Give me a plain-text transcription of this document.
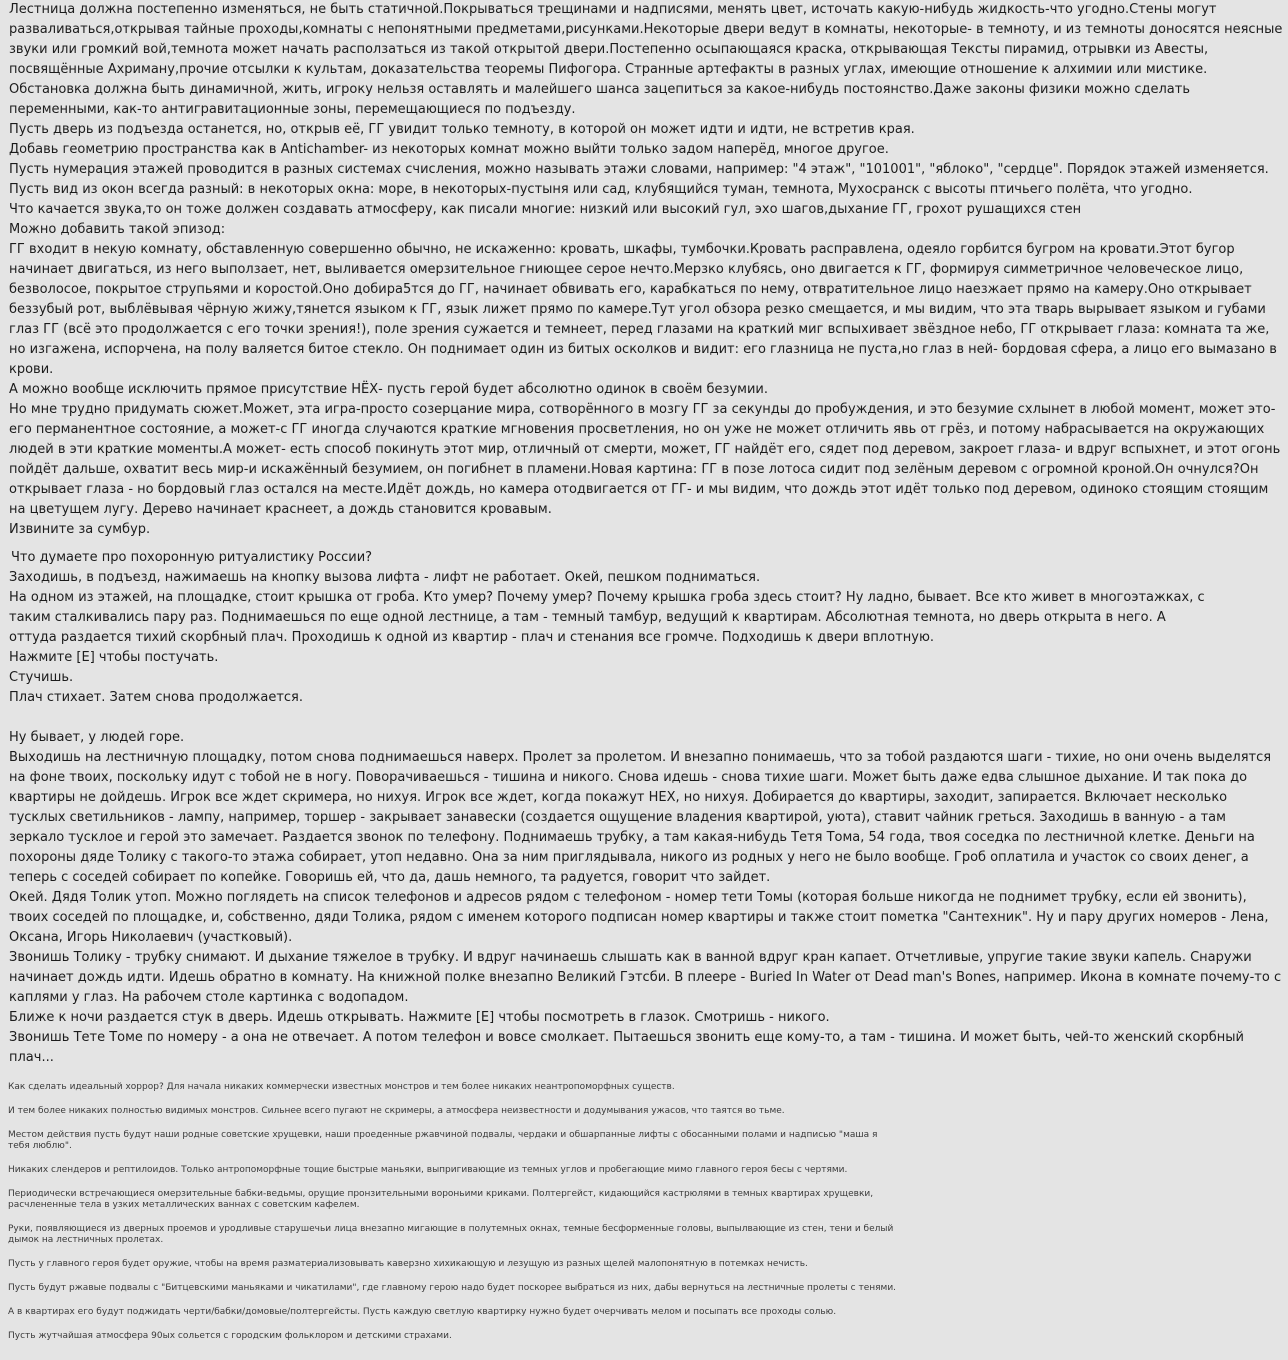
Лестница должна постепенно изменяться, не быть статичной.Покрываться трещинами и надписями, менять цвет, источать какую-нибудь жидкость-что угодно.Стены могут разваливаться,открывая тайные проходы,комнаты с непонятными предметами,рисунками.Некоторые двери ведут в комнаты, некоторые- в темноту, и из темноты доносятся неясные звуки или громкий вой,темнота может начать расползаться из такой открытой двери.Постепенно осыпающаяся краска, открывающая Тексты пирамид, отрывки из Авесты, посвящённые Ахриману,прочие отсылки к культам, доказательства теоремы Пифогора. Странные артефакты в разных углах, имеющие отношение к алхимии или мистике. Обстановка должна быть динамичной, жить, игроку нельзя оставлять и малейшего шанса зацепиться за какое-нибудь постоянство.Даже законы физики можно сделать переменными, как-то антигравитационные зоны, перемещающиеся по подъезду.

Пусть дверь из подъезда останется, но, открыв её, ГГ увидит только темноту, в которой он может идти и идти, не встретив края.

Добавь геометрию пространства как в Antichamber- из некоторых комнат можно выйти только задом наперёд, многое другое.

Пусть нумерация этажей проводится в разных системах счисления, можно называть этажи словами, например: "4 этаж", "101001", "яблоко", "сердце". Порядок этажей изменяется.

Пусть вид из окон всегда разный: в некоторых окна: море, в некоторых-пустыня или сад, клубящийся туман, темнота, Мухосранск с высоты птичьего полёта, что угодно.

Что качается звука,то он тоже должен создавать атмосферу, как писали многие: низкий или высокий гул, эхо шагов,дыхание ГГ, грохот рушащихся стен

Можно добавить такой эпизод:

ГГ входит в некую комнату, обставленную совершенно обычно, не искаженно: кровать, шкафы, тумбочки.Кровать расправлена, одеяло горбится бугром на кровати.Этот бугор начинает двигаться, из него выползает, нет, выливается омерзительное гниющее серое нечто.Мерзко клубясь, оно двигается к ГГ, формируя симметричное человеческое лицо, безволосое, покрытое струпьями и коростой.Оно добира5тся до ГГ, начинает обвивать его, карабкаться по нему, отвратительное лицо наезжает прямо на камеру.Оно открывает беззубый рот, выблёвывая чёрную жижу,тянется языком к ГГ, язык лижет прямо по камере.Тут угол обзора резко смещается, и мы видим, что эта тварь вырывает языком и губами глаз ГГ (всё это продолжается с его точки зрения!), поле зрения сужается и темнеет, перед глазами на краткий миг вспыхивает звёздное небо, ГГ открывает глаза: комната та же, но изгажена, испорчена, на полу валяется битое стекло. Он поднимает один из битых осколков и видит: его глазница не пуста,но глаз в ней- бордовая сфера, а лицо его вымазано в крови.

А можно вообще исключить прямое присутствие HЁХ- пусть герой будет абсолютно одинок в своём безумии.

Но мне трудно придумать сюжет.Может, эта игра-просто созерцание мира, сотворённого в мозгу ГГ за секунды до пробуждения, и это безумие схлынет в любой момент, может это-его перманентное состояние, а может-с ГГ иногда случаются краткие мгновения просветления, но он уже не может отличить явь от грёз, и потому набрасывается на окружающих людей в эти краткие моменты.А может- есть способ покинуть этот мир, отличный от смерти, может, ГГ найдёт его, сядет под деревом, закроет глаза- и вдруг вспыхнет, и этот огонь пойдёт дальше, охватит весь мир-и искажённый безумием, он погибнет в пламени.Новая картина: ГГ в позе лотоса сидит под зелёным деревом с огромной кроной.Он очнулся?Он открывает глаза - но бордовый глаз остался на месте.Идёт дождь, но камера отодвигается от ГГ- и мы видим, что дождь этот идёт только под деревом, одиноко стоящим стоящим на цветущем лугу. Дерево начинает краснеет, а дождь становится кровавым.

Извините за сумбур.

Что думаете про похоронную ритуалистику России?

Заходишь, в подъезд, нажимаешь на кнопку вызова лифта - лифт не работает. Окей, пешком подниматься.

На одном из этажей, на площадке, стоит крышка от гроба. Кто умер? Почему умер? Почему крышка гроба здесь стоит? Ну ладно, бывает. Все кто живет в многоэтажках, с

таким сталкивались пару раз. Поднимаешься по еще одной лестнице, а там - темный тамбур, ведущий к квартирам. Абсолютная темнота, но дверь открыта в него. А

оттуда раздается тихий скорбный плач. Проходишь к одной из квартир - плач и стенания все громче. Подходишь к двери вплотную.

Нажмите [E] чтобы постучать.

Стучишь.

Плач стихает. Затем снова продолжается.

Ну бывает, у людей горе.

Выходишь на лестничную площадку, потом снова поднимаешься наверх. Пролет за пролетом. И внезапно понимаешь, что за тобой раздаются шаги - тихие, но они очень выделятся на фоне твоих, поскольку идут с тобой не в ногу. Поворачиваешься - тишина и никого. Снова идешь - снова тихие шаги. Может быть даже едва слышное дыхание. И так пока до квартиры не дойдешь. Игрок все ждет скримера, но нихуя. Игрок все ждет, когда покажут HEX, но нихуя. Добирается до квартиры, заходит, запирается. Включает несколько тусклых светильников - лампу, например, торшер - закрывает занавески (создается ощущение владения квартирой, уюта), ставит чайник греться. Заходишь в ванную - а там зеркало тусклое и герой это замечает. Раздается звонок по телефону. Поднимаешь трубку, а там какая-нибудь Тетя Тома, 54 года, твоя соседка по лестничной клетке. Деньги на похороны дяде Толику с такого-то этажа собирает, утоп недавно. Она за ним приглядывала, никого из родных у него не было вообще. Гроб оплатила и участок со своих денег, а теперь с соседей собирает по копейке. Говоришь ей, что да, дашь немного, та радуется, говорит что зайдет.

Окей. Дядя Толик утоп. Можно поглядеть на список телефонов и адресов рядом с телефоном - номер тети Томы (которая больше никогда не поднимет трубку, если ей звонить), твоих соседей по площадке, и, собственно, дяди Толика, рядом с именем которого подписан номер квартиры и также стоит пометка "Сантехник". Ну и пару других номеров - Лена, Оксана, Игорь Николаевич (участковый).

Звонишь Толику - трубку снимают. И дыхание тяжелое в трубку. И вдруг начинаешь слышать как в ванной вдруг кран капает. Отчетливые, упругие такие звуки капель. Снаружи начинает дождь идти. Идешь обратно в комнату. На книжной полке внезапно Великий Гэтсби. В плеере - Buried In Water от Dead man's Bones, например. Икона в комнате почему-то с каплями у глаз. На рабочем столе картинка с водопадом.

Ближе к ночи раздается стук в дверь. Идешь открывать. Нажмите [E] чтобы посмотреть в глазок. Смотришь - никого.

Звонишь Тете Томе по номеру - а она не отвечает. А потом телефон и вовсе смолкает. Пытаешься звонить еще кому-то, а там - тишина. И может быть, чей-то женский скорбный плач...

Как сделать идеальный хоррор? Для начала никаких коммерчески известных монстров и тем более никаких неантропоморфных существ.

И тем более никаких полностью видимых монстров. Сильнее всего пугают не скримеры, а атмосфера неизвестности и додумывания ужасов, что таятся во тьме.

Местом действия пусть будут наши родные советские хрущевки, наши проеденные ржавчиной подвалы, чердаки и обшарпанные лифты с обосанными полами и надписью "маша я тебя люблю".

Никаких слендеров и рептилоидов. Только антропоморфные тощие быстрые маньяки, выпригивающие из темных углов и пробегающие мимо главного героя бесы с чертями.

Периодически встречающиеся омерзительные бабки-ведьмы, орущие пронзительными вороньими криками. Полтергейст, кидающийся кастрюлями в темных квартирах хрущевки, расчлененные тела в узких металлических ваннах с советским кафелем.

Руки, появляющиеся из дверных проемов и уродливые старушечьи лица внезапно мигающие в полутемных окнах, темные бесформенные головы, выпылвающие из стен, тени и белый дымок на лестничных пролетах.

Пусть у главного героя будет оружие, чтобы на время разматериализовывать каверзно хихикающую и лезущую из разных щелей малопонятную в потемках нечисть.

Пусть будут ржавые подвалы с "Битцевскими маньяками и чикатилами", где главному герою надо будет поскорее выбраться из них, дабы вернуться на лестничные пролеты с тенями.

А в квартирах его будут поджидать черти/бабки/домовые/полтергейсты. Пусть каждую светлую квартирку нужно будет очерчивать мелом и посыпать все проходы солью.

Пусть жутчайшая атмосфера 90ых сольется с городским фольклором и детскими страхами.
